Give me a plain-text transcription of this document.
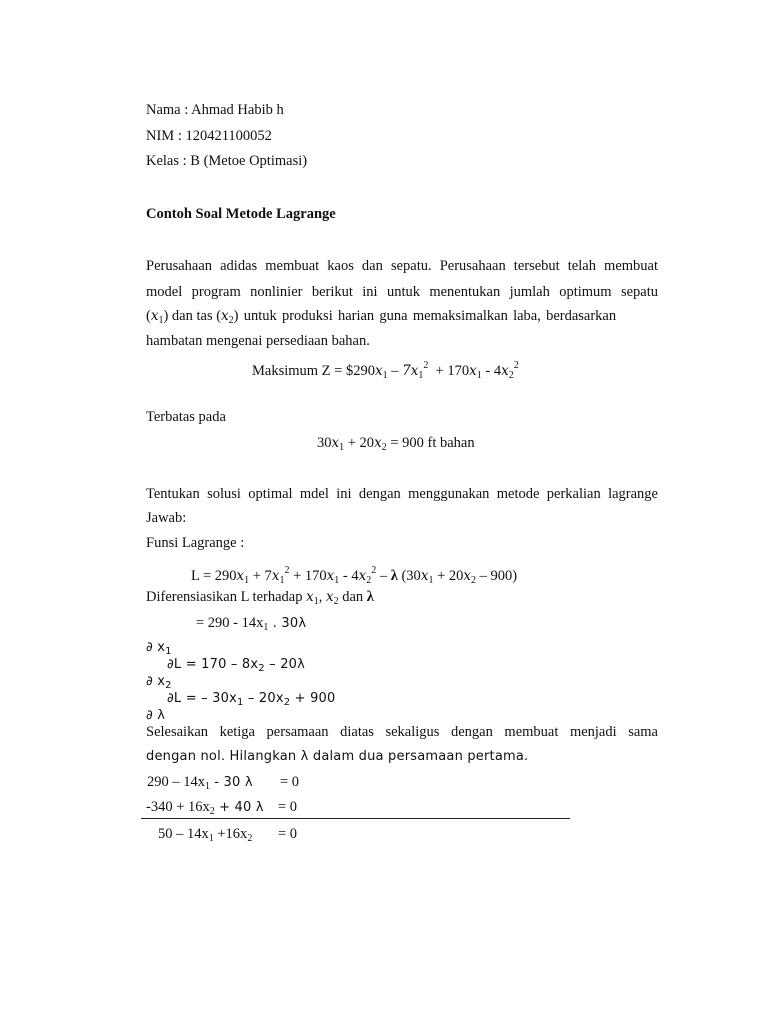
Nama : Ahmad Habib h
NIM : 120421100052
Kelas : B (Metoe Optimasi)
Contoh Soal Metode Lagrange
Perusahaan adidas membuat kaos dan sepatu. Perusahaan tersebut telah membuat
model program nonlinier berikut ini untuk menentukan jumlah optimum sepatu
$(x_1)$ dan tas $(x_2)$ untuk produksi harian guna memaksimalkan laba, berdasarkan
hambatan mengenai persediaan bahan.
Maksimum $Z = \$290x_1 - 7x_1^2 + 170x_1 - 4x_2^2$
Terbatas pada
$30x_1 + 20x_2 = 900$ ft bahan
Tentukan solusi optimal mdel ini dengan menggunakan metode perkalian lagrange
Jawab:
Funsi Lagrange :
$L = 290x_1 + 7x_1^2 + 170x_1 - 4x_2^2 - \lambda$ $(30x_1 + 20x_2 - 900)$
Diferensiasikan L terhadap $x_1$, $x_2$ dan λ
= $290 - 14x_1$ . 30λ
∂ $x_1$
$\partial L = 170 - 8x_2 - 20\lambda$
∂ $x_2$
∂L = – $30x_1 - 20x_2 + 900$
∂ λ
Selesaikan ketiga persamaan diatas sekaligus dengan membuat menjadi sama
dengan nol. Hilangkan λ dalam dua persamaan pertama.
$290 - 14x_1 - 30$ λ = 0
$-340 + 16x_2 + 40$ λ = 0
$50 - 14x_1 +16x_2 = 0$
